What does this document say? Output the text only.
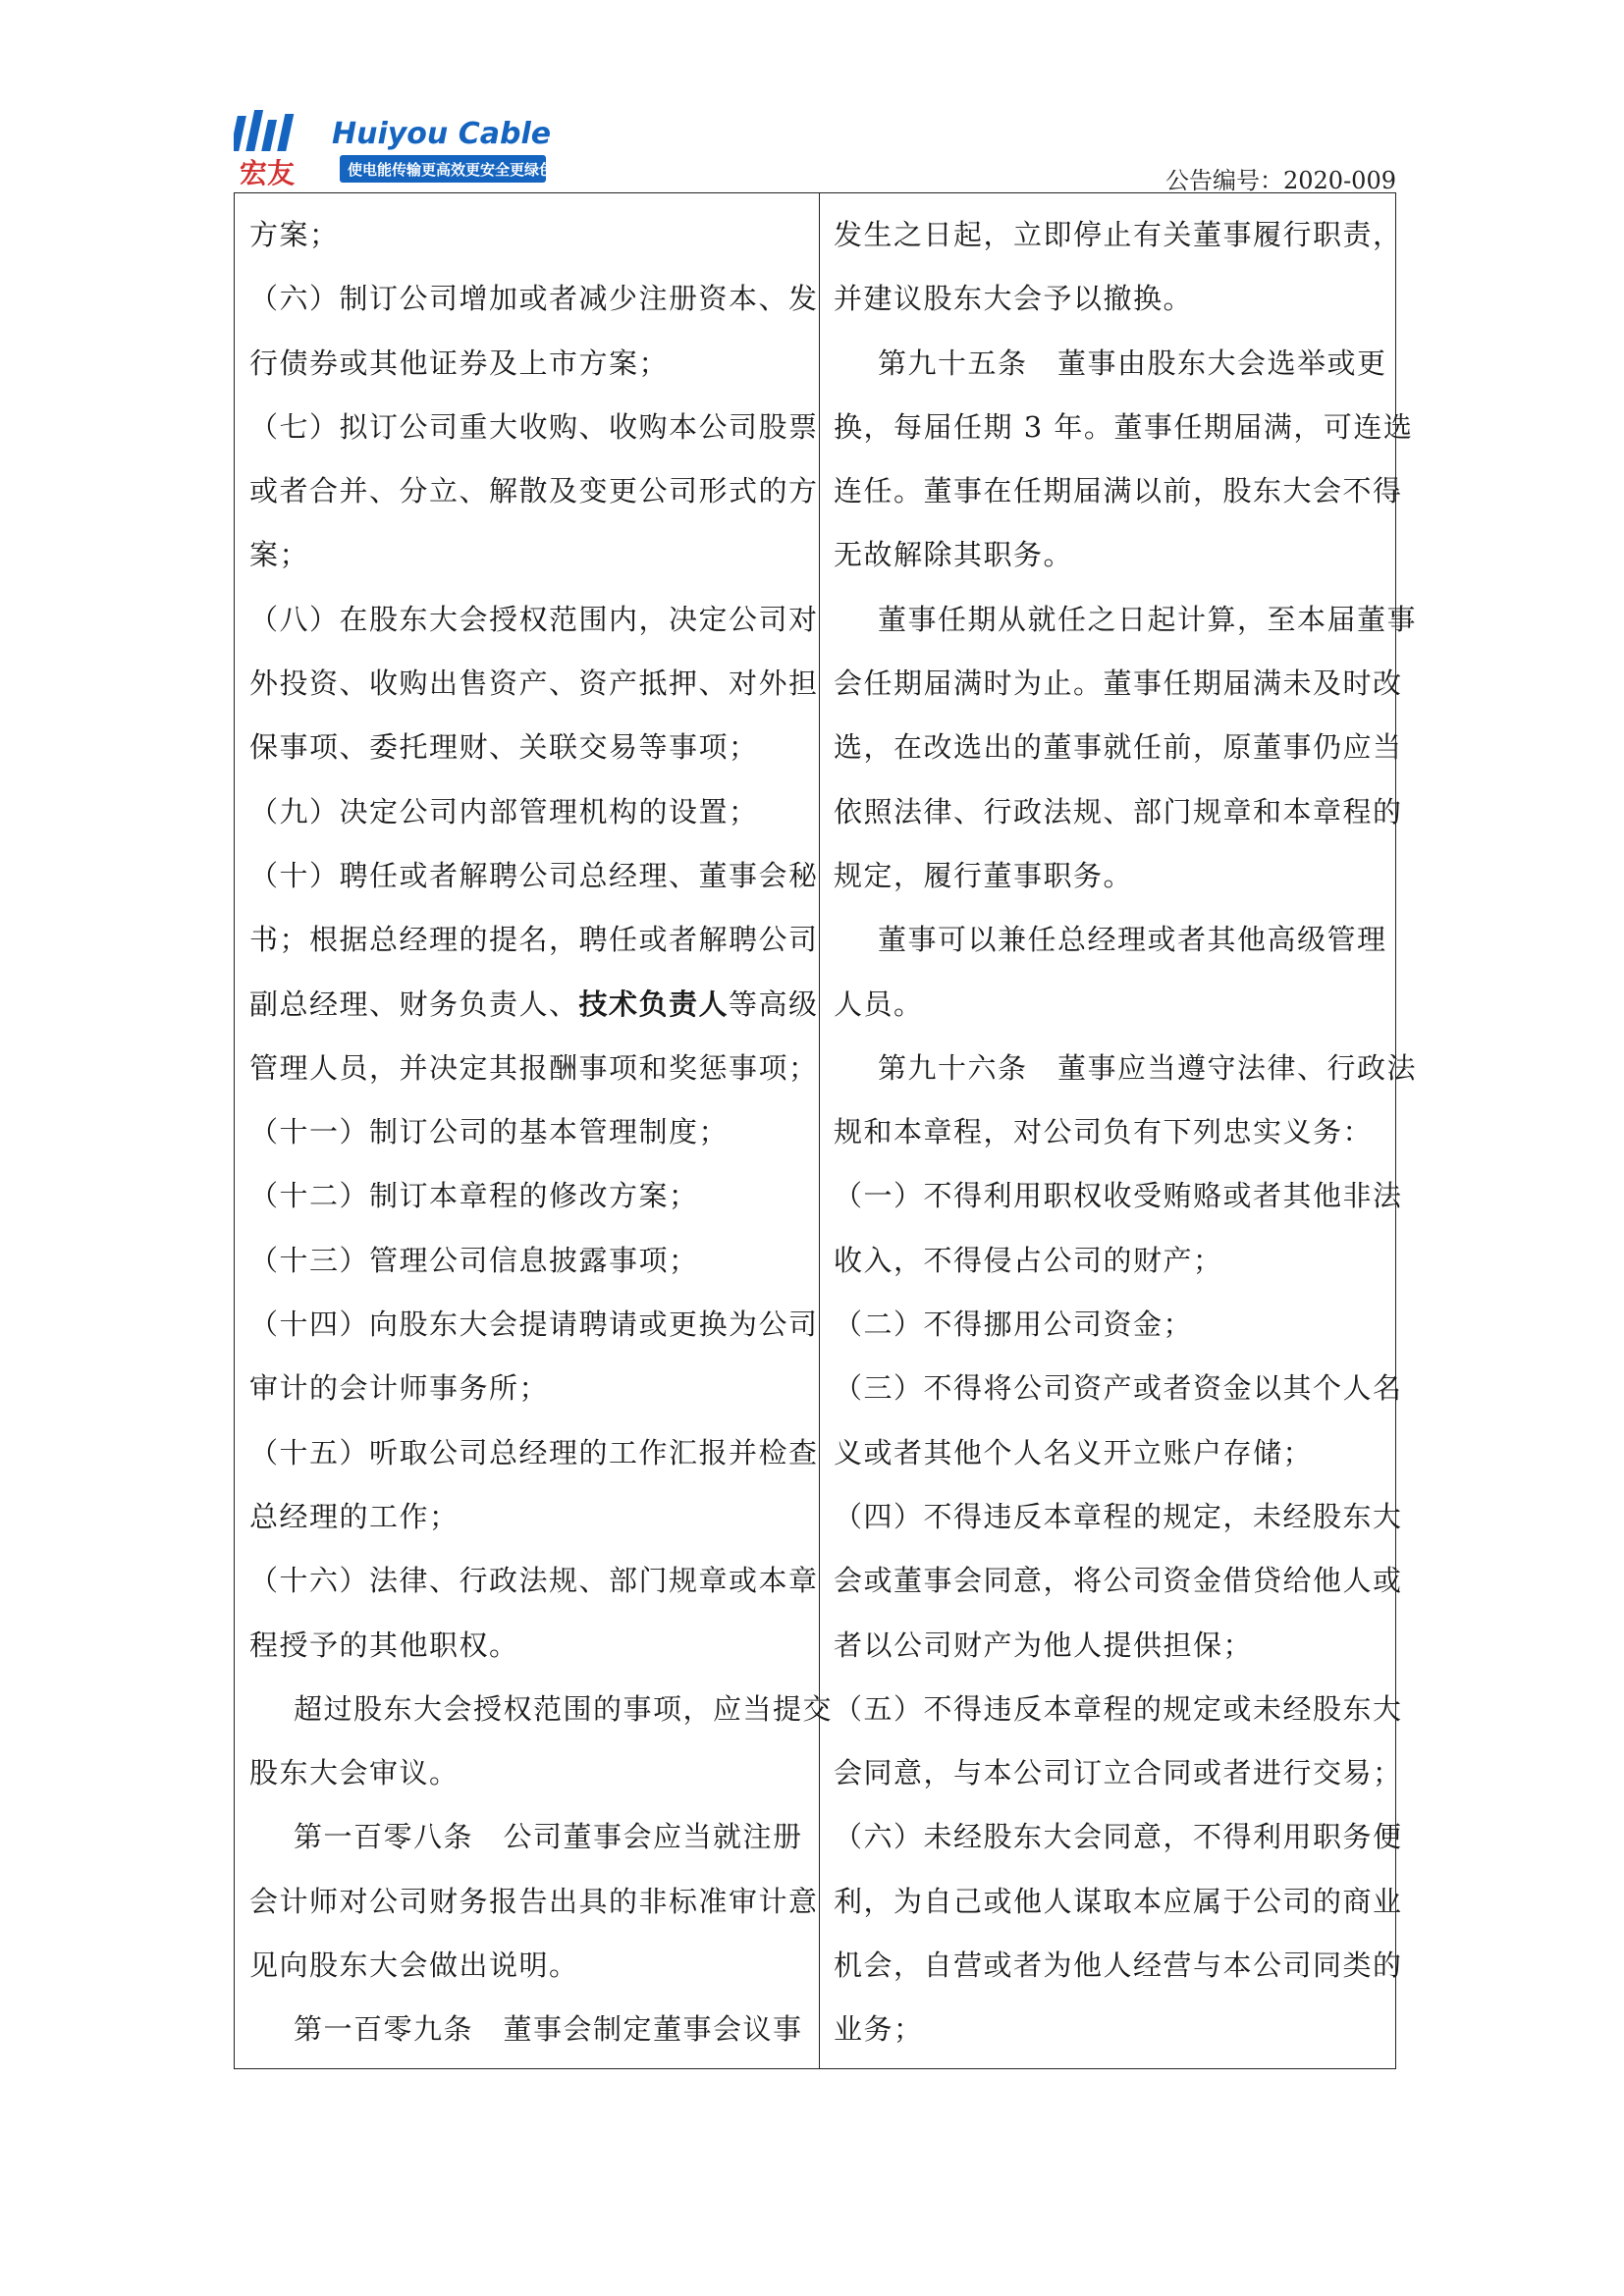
宏友
Huiyou Cable
使电能传输更高效更安全更绿色	公告编号：2020-009
方案；
（六）制订公司增加或者减少注册资本、发
行债券或其他证券及上市方案；
（七）拟订公司重大收购、收购本公司股票
或者合并、分立、解散及变更公司形式的方
案；
（八）在股东大会授权范围内，决定公司对
外投资、收购出售资产、资产抵押、对外担
保事项、委托理财、关联交易等事项；
（九）决定公司内部管理机构的设置；
（十）聘任或者解聘公司总经理、董事会秘
书；根据总经理的提名，聘任或者解聘公司
副总经理、财务负责人、技术负责人等高级
管理人员，并决定其报酬事项和奖惩事项；
（十一）制订公司的基本管理制度；
（十二）制订本章程的修改方案；
（十三）管理公司信息披露事项；
（十四）向股东大会提请聘请或更换为公司
审计的会计师事务所；
（十五）听取公司总经理的工作汇报并检查
总经理的工作；
（十六）法律、行政法规、部门规章或本章
程授予的其他职权。
超过股东大会授权范围的事项，应当提交
股东大会审议。
第一百零八条　公司董事会应当就注册
会计师对公司财务报告出具的非标准审计意
见向股东大会做出说明。
第一百零九条　董事会制定董事会议事
发生之日起，立即停止有关董事履行职责，
并建议股东大会予以撤换。
第九十五条　董事由股东大会选举或更
换，每届任期 3 年。董事任期届满，可连选
连任。董事在任期届满以前，股东大会不得
无故解除其职务。
董事任期从就任之日起计算，至本届董事
会任期届满时为止。董事任期届满未及时改
选，在改选出的董事就任前，原董事仍应当
依照法律、行政法规、部门规章和本章程的
规定，履行董事职务。
董事可以兼任总经理或者其他高级管理
人员。
第九十六条　董事应当遵守法律、行政法
规和本章程，对公司负有下列忠实义务：
（一）不得利用职权收受贿赂或者其他非法
收入，不得侵占公司的财产；
（二）不得挪用公司资金；
（三）不得将公司资产或者资金以其个人名
义或者其他个人名义开立账户存储；
（四）不得违反本章程的规定，未经股东大
会或董事会同意，将公司资金借贷给他人或
者以公司财产为他人提供担保；
（五）不得违反本章程的规定或未经股东大
会同意，与本公司订立合同或者进行交易；
（六）未经股东大会同意，不得利用职务便
利，为自己或他人谋取本应属于公司的商业
机会，自营或者为他人经营与本公司同类的
业务；
